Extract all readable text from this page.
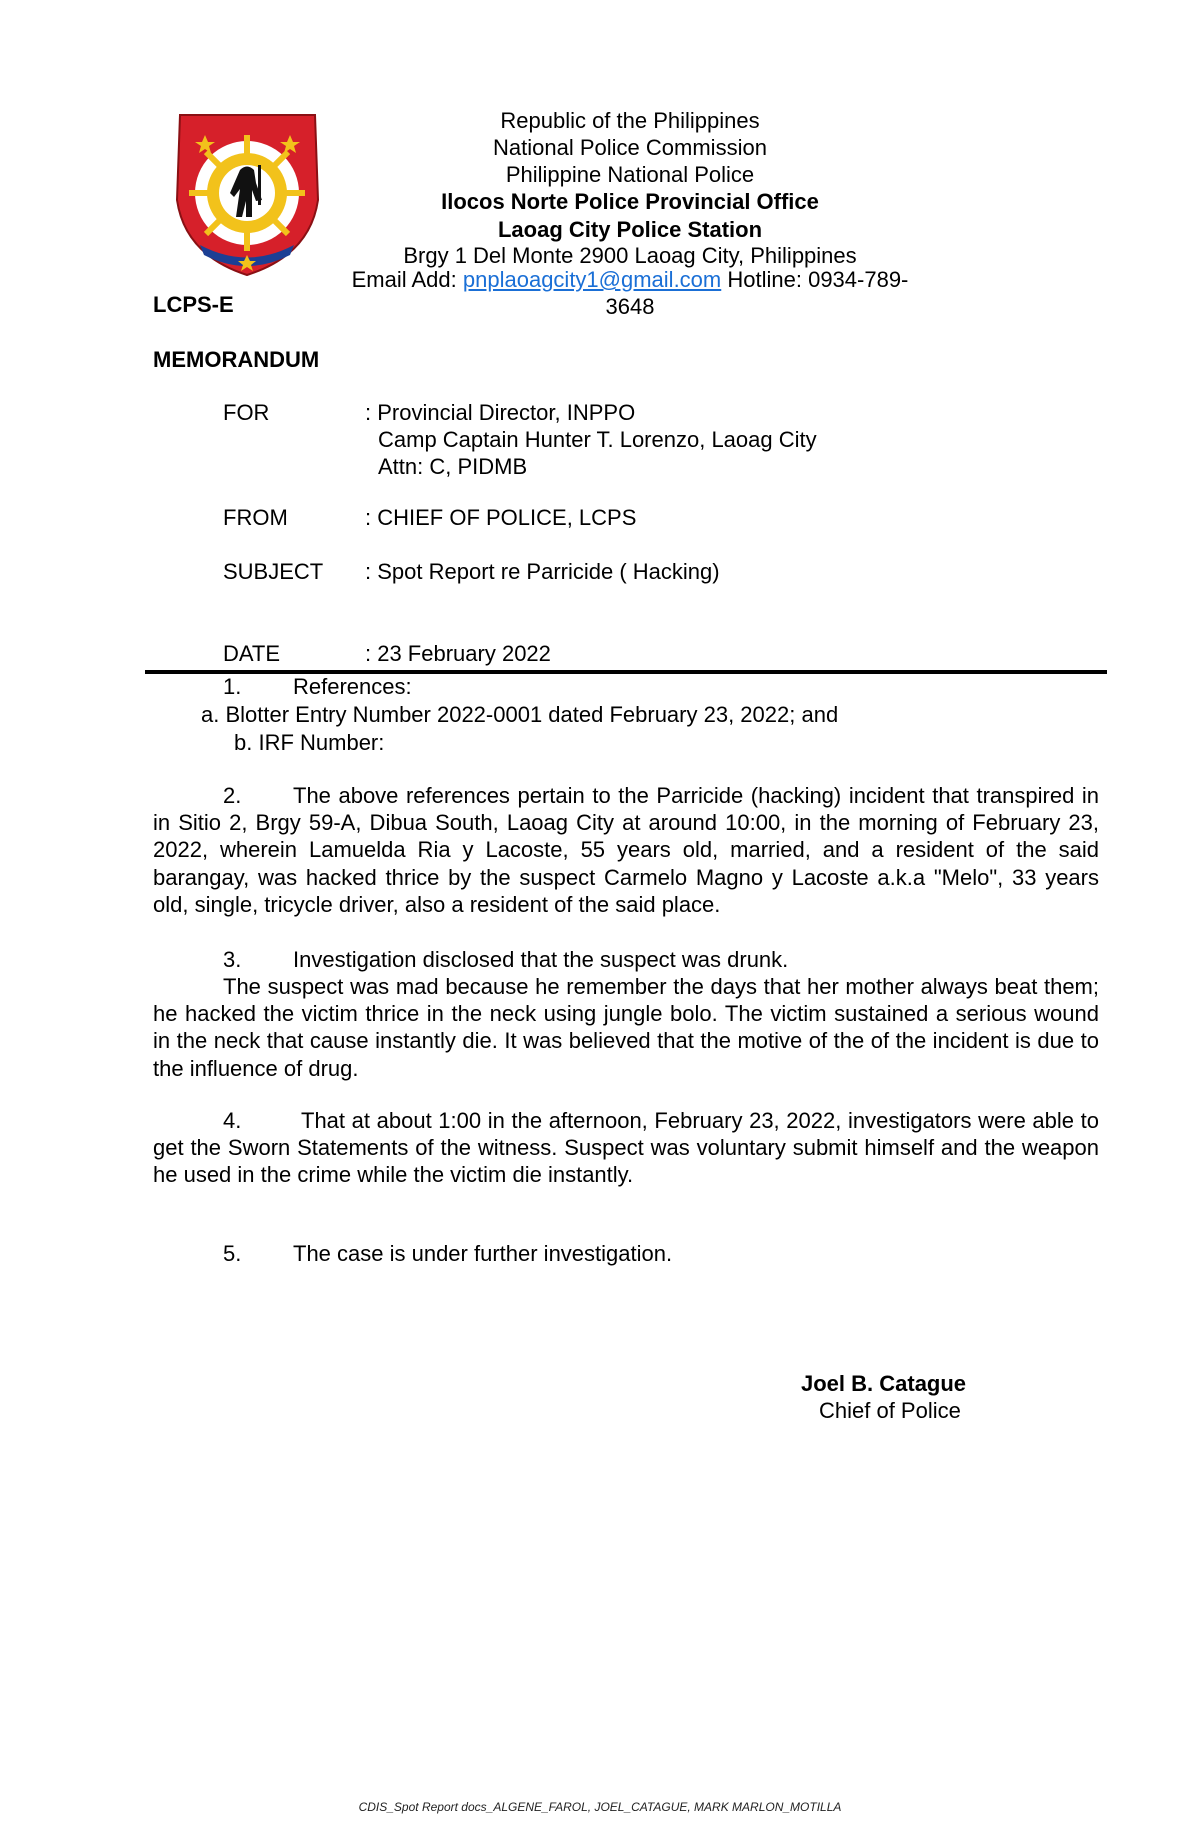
Republic of the Philippines
National Police Commission
Philippine National Police
Ilocos Norte Police Provincial Office
Laoag City Police Station
Brgy 1 Del Monte 2900 Laoag City, Philippines
Email Add: pnplaoagcity1@gmail.com Hotline: 0934-789-3648
LCPS-E
MEMORANDUM
FOR	: Provincial Director, INPPO
Camp Captain Hunter T. Lorenzo, Laoag City
Attn: C, PIDMB
FROM	: CHIEF OF POLICE, LCPS
SUBJECT : Spot Report re Parricide ( Hacking)
DATE	: 23 February 2022
1. References:
a. Blotter Entry Number 2022-0001 dated February 23, 2022; and
b. IRF Number:
2. The above references pertain to the Parricide (hacking) incident that transpired in in Sitio 2, Brgy 59-A, Dibua South, Laoag City at around 10:00, in the morning of February 23, 2022, wherein Lamuelda Ria y Lacoste, 55 years old, married, and a resident of the said barangay, was hacked thrice by the suspect Carmelo Magno y Lacoste a.k.a "Melo", 33 years old, single, tricycle driver, also a resident of the said place.
3. Investigation disclosed that the suspect was drunk.
The suspect was mad because he remember the days that her mother always beat them; he hacked the victim thrice in the neck using jungle bolo. The victim sustained a serious wound in the neck that cause instantly die. It was believed that the motive of the of the incident is due to the influence of drug.
4.	That at about 1:00 in the afternoon, February 23, 2022, investigators were able to get the Sworn Statements of the witness. Suspect was voluntary submit himself and the weapon he used in the crime while the victim die instantly.
5. The case is under further investigation.
Joel B. Catague
Chief of Police
CDIS_Spot Report docs_ALGENE_FAROL, JOEL_CATAGUE, MARK MARLON_MOTILLA
